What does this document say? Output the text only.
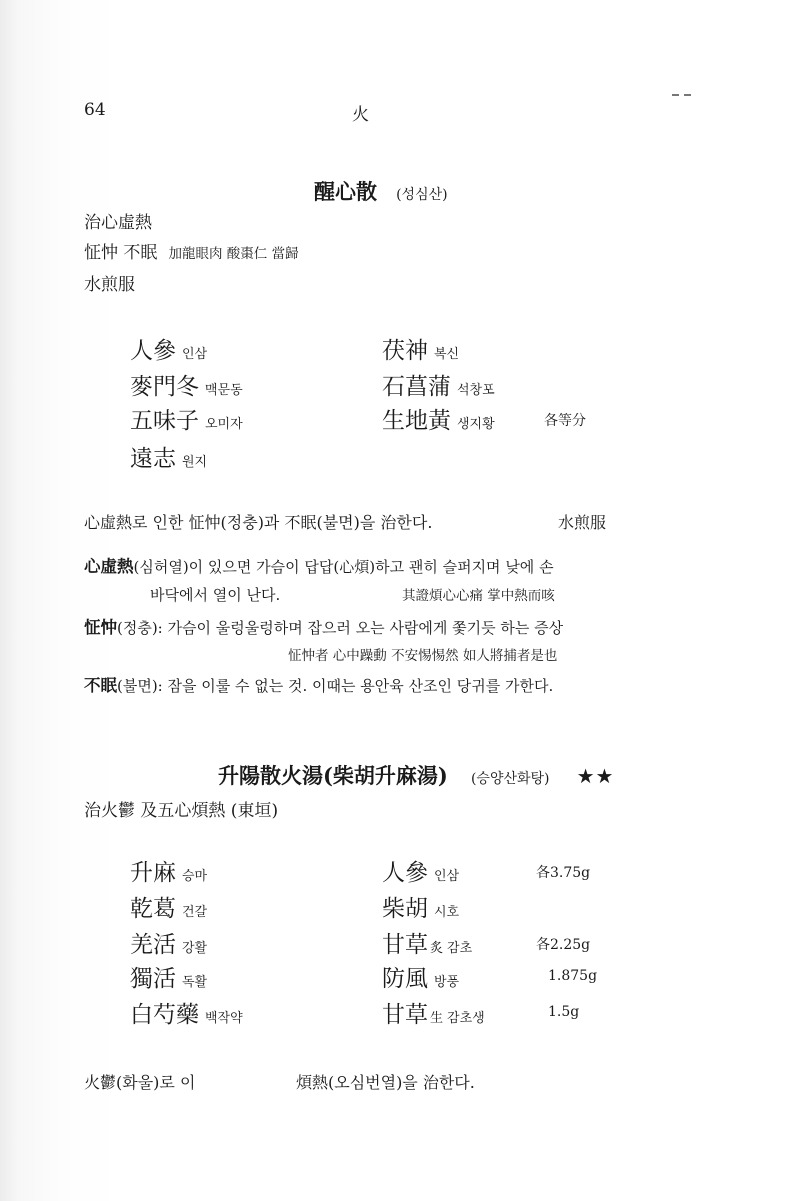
64	火
醒心散 (성심산)
治心虛熱
怔忡 不眠 加龍眼肉 酸棗仁 當歸
水煎服
人參 인삼	茯神 복신
麥門冬 맥문동	石菖蒲 석창포
五味子 오미자	生地黃 생지황	各等分
遠志 원지
心虛熱로 인한 怔忡(정충)과 不眠(불면)을 治한다.	水煎服
心虛熱(심허열)이 있으면 가슴이 답답(心煩)하고 괜히 슬퍼지며 낮에 손
바닥에서 열이 난다.	其證煩心心痛 掌中熱而咳
怔忡(정충): 가슴이 울렁울렁하며 잡으러 오는 사람에게 쫓기듯 하는 증상
怔忡者 心中躁動 不安惕惕然 如人將捕者是也
不眠(불면): 잠을 이룰 수 없는 것. 이때는 용안육 산조인 당귀를 가한다.
升陽散火湯(柴胡升麻湯) (승양산화탕) ★★
治火鬱 及五心煩熱 (東垣)
升麻 승마	人參 인삼	各3.75g
乾葛 건갈	柴胡 시호
羌活 강활	甘草 炙 감초	各2.25g
獨活 독활	防風 방풍	1.875g
白芍藥 백작약	甘草 生 감초생	1.5g
火鬱(화울)로 이	煩熱(오심번열)을 治한다.
